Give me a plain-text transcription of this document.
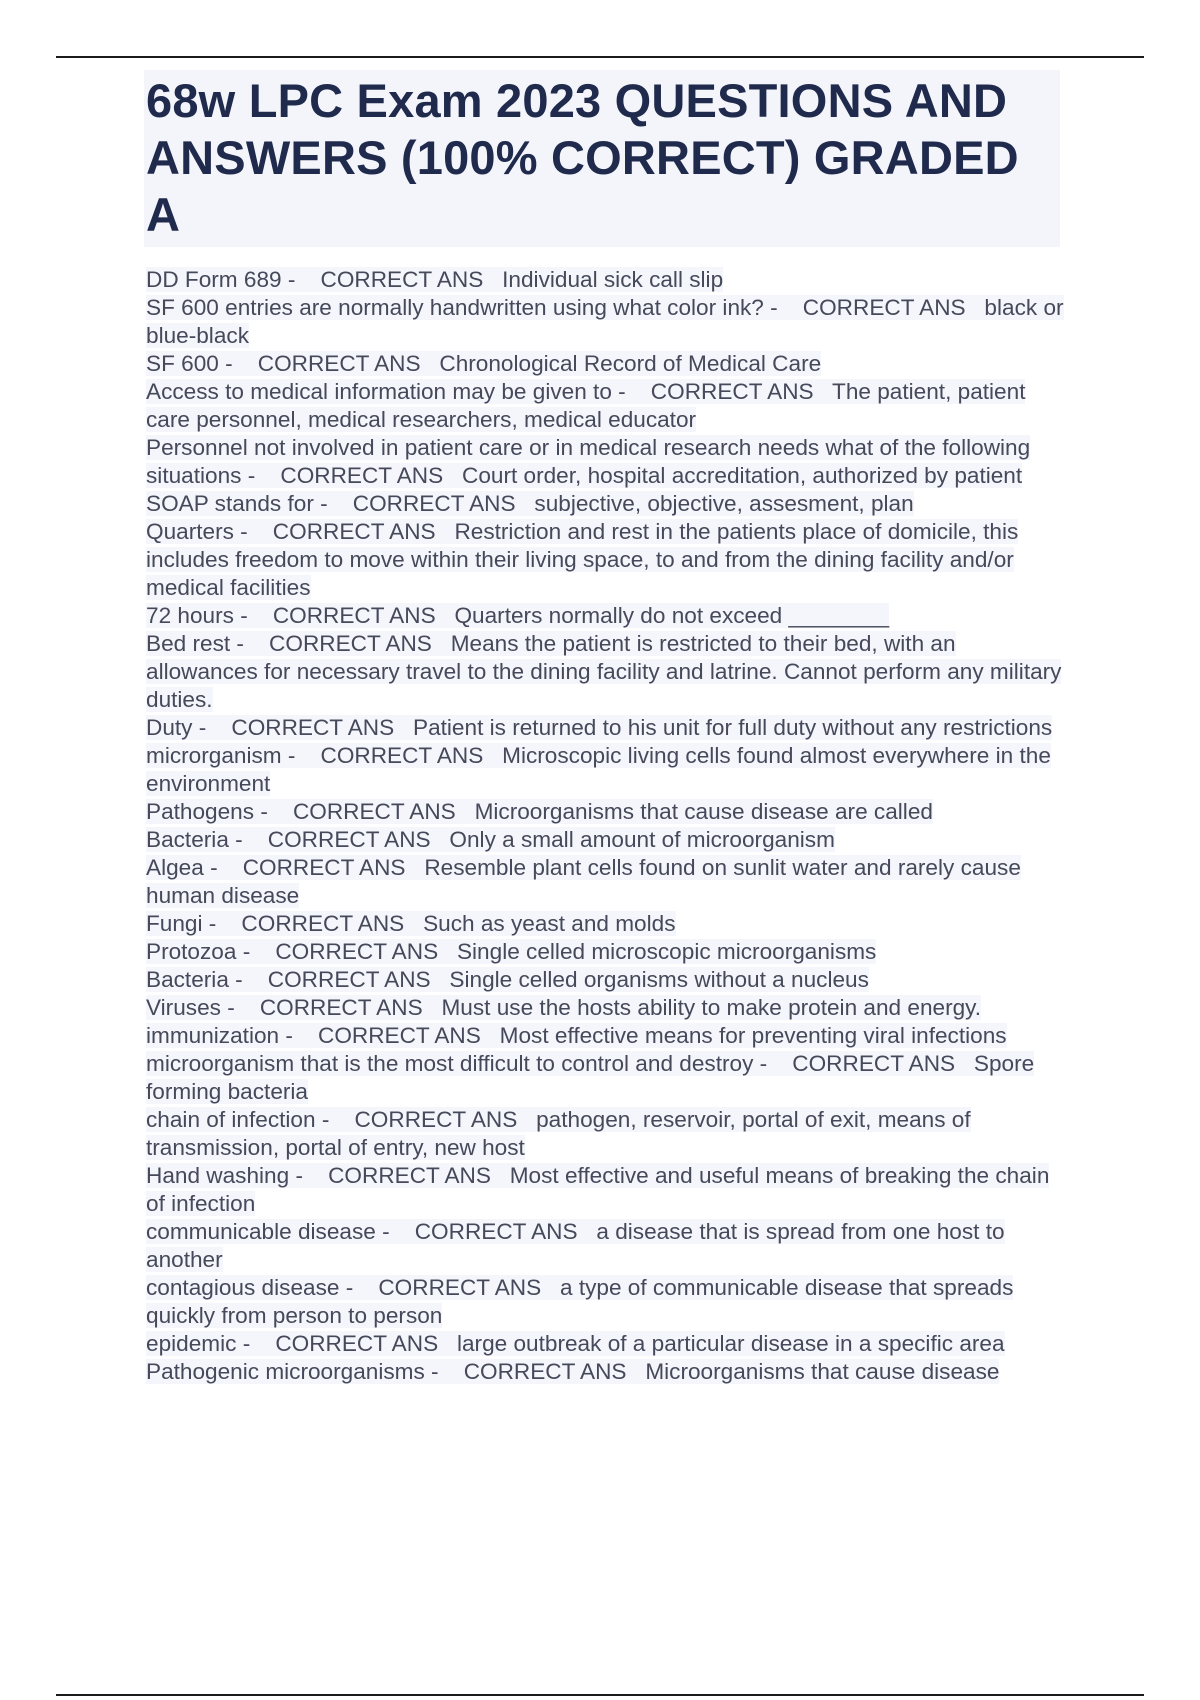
68w LPC Exam 2023 QUESTIONS AND ANSWERS (100% CORRECT) GRADED A

DD Form 689 -    CORRECT ANS   Individual sick call slip

SF 600 entries are normally handwritten using what color ink? -    CORRECT ANS   black or blue-black

SF 600 -    CORRECT ANS   Chronological Record of Medical Care

Access to medical information may be given to -    CORRECT ANS   The patient, patient care personnel, medical researchers, medical educator

Personnel not involved in patient care or in medical research needs what of the following situations -    CORRECT ANS   Court order, hospital accreditation, authorized by patient

SOAP stands for -    CORRECT ANS   subjective, objective, assesment, plan

Quarters -    CORRECT ANS   Restriction and rest in the patients place of domicile, this includes freedom to move within their living space, to and from the dining facility and/or medical facilities

72 hours -    CORRECT ANS   Quarters normally do not exceed ________

Bed rest -    CORRECT ANS   Means the patient is restricted to their bed, with an allowances for necessary travel to the dining facility and latrine. Cannot perform any military duties.

Duty -    CORRECT ANS   Patient is returned to his unit for full duty without any restrictions

microrganism -    CORRECT ANS   Microscopic living cells found almost everywhere in the environment

Pathogens -    CORRECT ANS   Microorganisms that cause disease are called

Bacteria -    CORRECT ANS   Only a small amount of microorganism

Algea -    CORRECT ANS   Resemble plant cells found on sunlit water and rarely cause human disease

Fungi -    CORRECT ANS   Such as yeast and molds

Protozoa -    CORRECT ANS   Single celled microscopic microorganisms

Bacteria -    CORRECT ANS   Single celled organisms without a nucleus

Viruses -    CORRECT ANS   Must use the hosts ability to make protein and energy.

immunization -    CORRECT ANS   Most effective means for preventing viral infections

microorganism that is the most difficult to control and destroy -    CORRECT ANS   Spore forming bacteria

chain of infection -    CORRECT ANS   pathogen, reservoir, portal of exit, means of transmission, portal of entry, new host

Hand washing -    CORRECT ANS   Most effective and useful means of breaking the chain of infection

communicable disease -    CORRECT ANS   a disease that is spread from one host to another

contagious disease -    CORRECT ANS   a type of communicable disease that spreads quickly from person to person

epidemic -    CORRECT ANS   large outbreak of a particular disease in a specific area

Pathogenic microorganisms -    CORRECT ANS   Microorganisms that cause disease
